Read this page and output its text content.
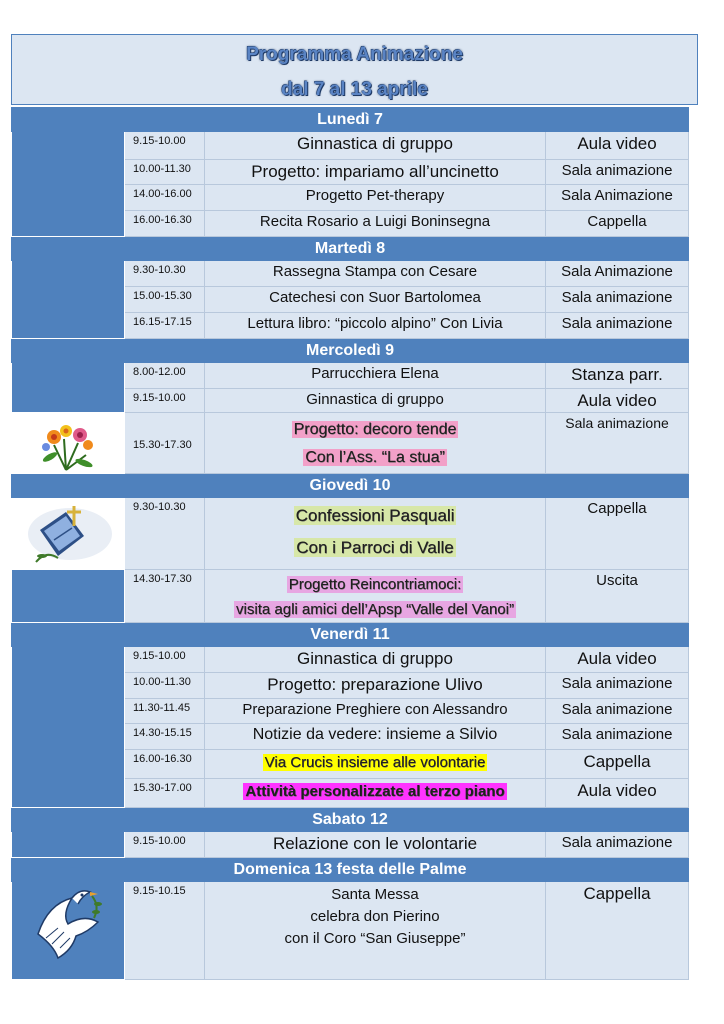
Programma Animazione
dal 7 al 13 aprile
Lunedì 7			
	9.15-10.00	Ginnastica di gruppo	Aula video
	10.00-11.30	Progetto: impariamo all’uncinetto	Sala animazione
	14.00-16.00	Progetto Pet-therapy	Sala Animazione
	16.00-16.30	Recita Rosario a Luigi Boninsegna	Cappella
Martedì 8			
	9.30-10.30	Rassegna Stampa con Cesare	Sala Animazione
	15.00-15.30	Catechesi con Suor Bartolomea	Sala animazione
	16.15-17.15	Lettura libro: “piccolo alpino” Con Livia	Sala animazione
Mercoledì 9			
	8.00-12.00	Parrucchiera Elena	Stanza parr.
	9.15-10.00	Ginnastica di gruppo	Aula video

	15.30-17.30	Progetto: decoro tende
Con l’Ass. “La stua”	Sala animazione
Giovedì 10			

	9.30-10.30	Confessioni Pasquali
Con i Parroci di Valle	Cappella
	14.30-17.30	Progetto Reincontriamoci:
visita agli amici dell’Apsp “Valle del Vanoi”	Uscita
Venerdì 11			
	9.15-10.00	Ginnastica di gruppo	Aula video
	10.00-11.30	Progetto: preparazione Ulivo	Sala animazione
	11.30-11.45	Preparazione Preghiere con Alessandro	Sala animazione
	14.30-15.15	Notizie da vedere: insieme a Silvio	Sala animazione
	16.00-16.30	Via Crucis insieme alle volontarie	Cappella
	15.30-17.00	Attività personalizzate al terzo piano	Aula video
Sabato 12			
	9.15-10.00	Relazione con le volontarie	Sala animazione
Domenica 13 festa delle Palme			

	9.15-10.15	Santa Messa
celebra don Pierino
con il Coro “San Giuseppe”	Cappella
